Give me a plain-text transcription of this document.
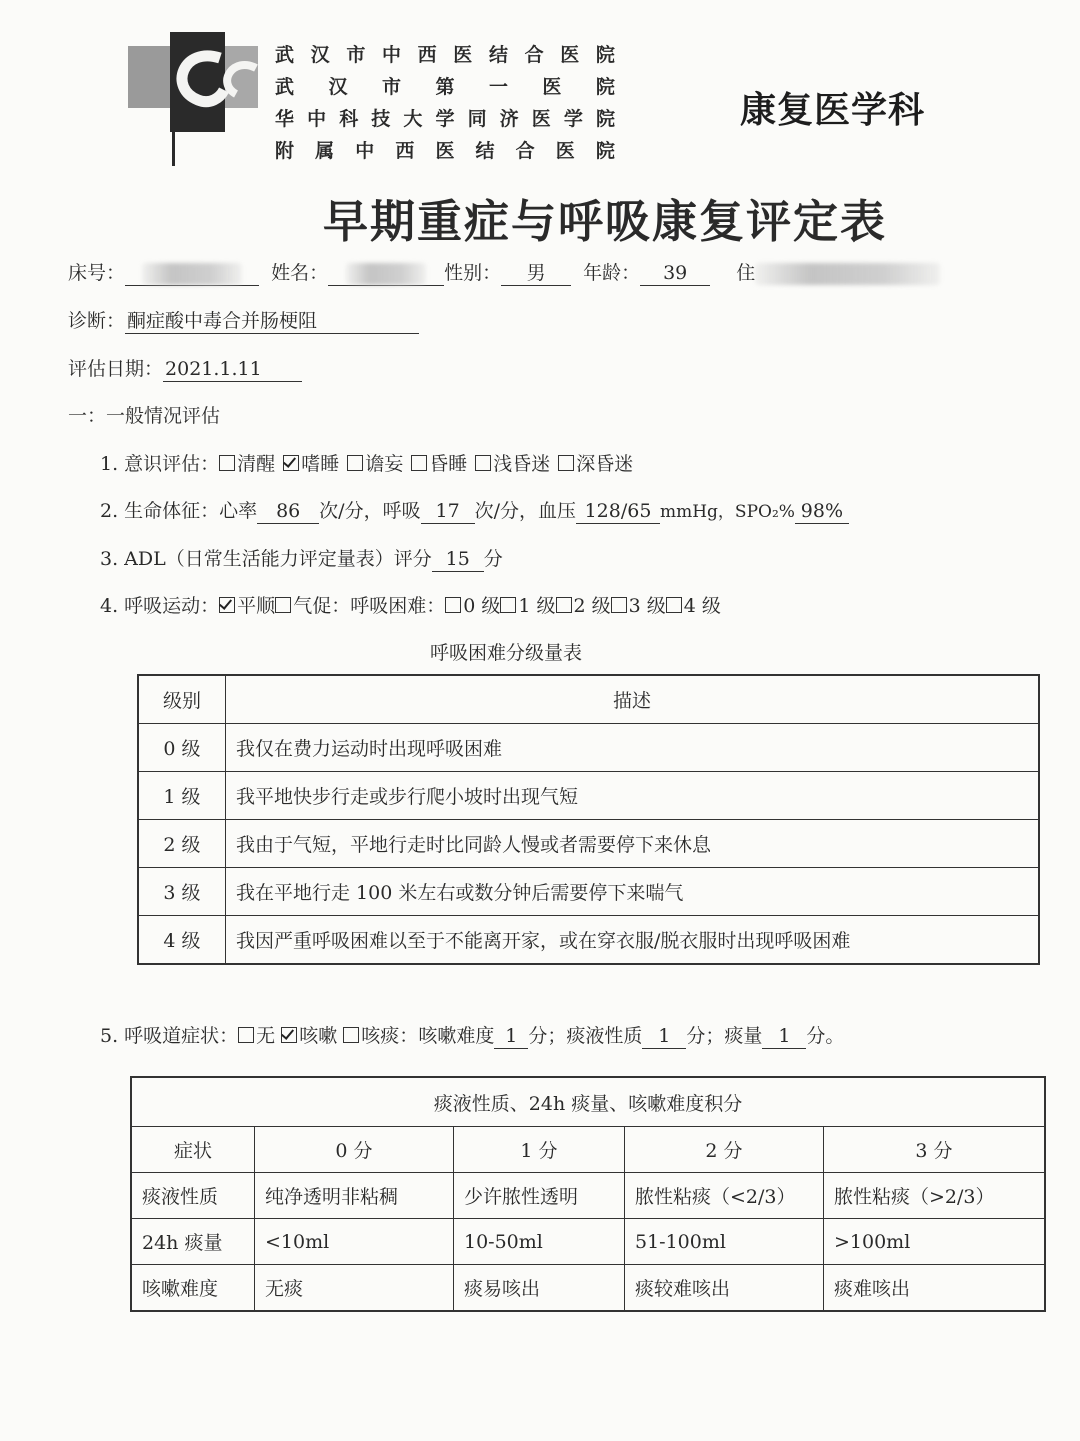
武 汉 市 中 西 医 结 合 医 院
武 汉 市 第 一 医 院
华 中 科 技 大 学 同 济 医 学 院
附 属 中 西 医 结 合 医 院
康复医学科
早期重症与呼吸康复评定表
床号：	姓名：	性别： 男 年龄： 39	住
诊断： 酮症酸中毒合并肠梗阻
评估日期： 2021.1.11
一：一般情况评估
1. 意识评估： 清醒 嗜睡 谵妄 昏睡 浅昏迷 深昏迷
2. 生命体征：心率 86 次/分，呼吸 17 次/分，血压 128/65 mmHg，SPO₂% 98%
3. ADL（日常生活能力评定量表）评分 15 分
4. 呼吸运动： 平顺 气促：呼吸困难： 0 级 1 级 2 级 3 级 4 级
呼吸困难分级量表
级别	描述
0 级	我仅在费力运动时出现呼吸困难
1 级	我平地快步行走或步行爬小坡时出现气短
2 级	我由于气短，平地行走时比同龄人慢或者需要停下来休息
3 级	我在平地行走 100 米左右或数分钟后需要停下来喘气
4 级	我因严重呼吸困难以至于不能离开家，或在穿衣服/脱衣服时出现呼吸困难
5. 呼吸道症状： 无 咳嗽 咳痰：咳嗽难度 1 分；痰液性质 1 分；痰量 1 分。
痰液性质、24h 痰量、咳嗽难度积分				
症状	0 分	1 分	2 分	3 分
痰液性质	纯净透明非粘稠	少许脓性透明	脓性粘痰（<2/3）	脓性粘痰（>2/3）
24h 痰量	<10ml	10-50ml	51-100ml	>100ml
咳嗽难度	无痰	痰易咳出	痰较难咳出	痰难咳出
